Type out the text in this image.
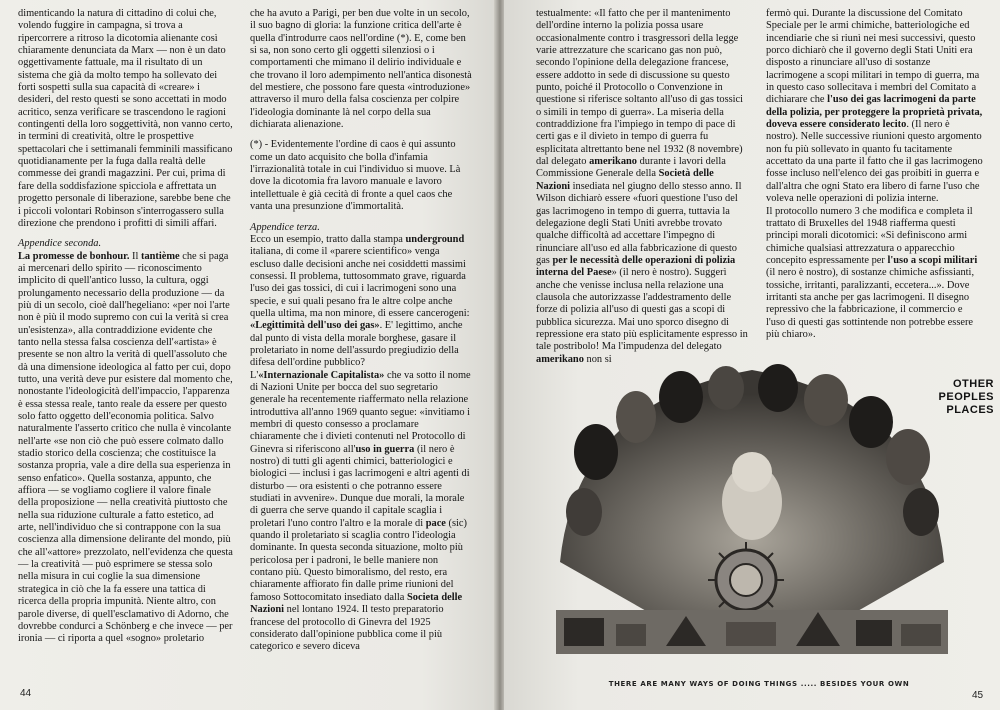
dimenticando la natura di cittadino di colui che, volendo fuggire in campagna, si trova a ripercorrere a ritroso la dicotomia alienante così chiaramente denunciata da Marx — non è un dato oggettivamente fattuale, ma il risultato di un sistema che già da molto tempo ha sollevato dei forti sospetti sulla sua capacità di «creare» i desideri, del resto questi se sono accettati in modo acritico, senza verificare se trascendono le ragioni contingenti della loro soggettività, non vanno certo, in termini di creatività, oltre le prospettive spettacolari che i settimanali femminili massificano quotidianamente per la fuga dalla realtà delle commesse dei grandi magazzini. Per cui, prima di fare della soddisfazione spicciola e affrettata un progetto personale di liberazione, sarebbe bene che i piccoli volontari Robinson s'interrogassero sulla direzione che prendono i profitti di simili affari.

Appendice seconda.

La promesse de bonhour. Il tantième che si paga ai mercenari dello spirito — riconoscimento implicito di quell'antico lusso, la cultura, oggi prolungamento necessario della produzione — da più di un secolo, cioè dall'hegeliano: «per noi l'arte non è più il modo supremo con cui la verità si crea un'esistenza», alla contraddizione evidente che tanto nella stessa falsa coscienza dell'«artista» è presente se non altro la verità di quell'assoluto che dà una dimensione ideologica al fatto per cui, dopo tutto, una verità deve pur esistere dal momento che, nonostante l'ideologicità dell'impaccio, l'apparenza è essa stessa reale, tanto reale da essere per questo solo fatto oggetto dell'economia politica. Salvo naturalmente l'asserto critico che nulla è vincolante nell'arte «se non ciò che può essere colmato dallo stadio storico della coscienza; che costituisce la sostanza propria, vale a dire della sua esperienza in senso enfatico». Quella sostanza, appunto, che affiora — se vogliamo cogliere il valore finale della proposizione — nella creatività piuttosto che nella sua riduzione culturale a fatto estetico, ad arte, nell'individuo che si contrappone con la sua coscienza alla dimensione delirante del mondo, più che all'«attore» prezzolato, nell'evidenza che questa — la creatività — può esprimere se stessa solo nella misura in cui coglie la sua dimensione strategica in ciò che la fa essere una tattica di ricerca della propria impunità. Niente altro, con parole diverse, di quell'esclamativo di Adorno, che dovrebbe condurci a Schönberg e che invece — per ironia — ci riporta a quel «sogno» proletario

che ha avuto a Parigi, per ben due volte in un secolo, il suo bagno di gloria: la funzione critica dell'arte è quella d'introdurre caos nell'ordine (*). E, come ben si sa, non sono certo gli oggetti silenziosi o i comportamenti che mimano il delirio individuale e che trovano il loro adempimento nell'antica disonestà del mestiere, che possono fare questa «introduzione» attraverso il muro della falsa coscienza per colpire l'ideologia dominante là nel corpo della sua dichiarata alienazione.

(*) - Evidentemente l'ordine di caos è qui assunto come un dato acquisito che bolla d'infamia l'irrazionalità totale in cui l'individuo si muove. Là dove la dicotomia fra lavoro manuale e lavoro intellettuale è già cecità di fronte a quel caos che vanta una presunzione d'immortalità.

Appendice terza.

Ecco un esempio, tratto dalla stampa underground italiana, di come il «parere scientifico» venga escluso dalle decisioni anche nei cosiddetti massimi consessi. Il problema, tuttosommato grave, riguarda l'uso dei gas tossici, di cui i lacrimogeni sono una specie, e sui quali pesano fra le altre colpe anche quella ultima, ma non minore, di essere cancerogeni: «Legittimità dell'uso dei gas». E' legittimo, anche dal punto di vista della morale borghese, gasare il proletariato in nome dell'assurdo pregiudizio della difesa dell'ordine pubblico?

L'«Internazionale Capitalista» che va sotto il nome di Nazioni Unite per bocca del suo segretario generale ha recentemente riaffermato nella relazione introduttiva all'anno 1969 quanto segue: «invitiamo i membri di questo consesso a proclamare chiaramente che i divieti contenuti nel Protocollo di Ginevra si riferiscono all'uso in guerra (il nero è nostro) di tutti gli agenti chimici, batteriologici e biologici — inclusi i gas lacrimogeni e altri agenti di disturbo — ora esistenti o che potranno essere studiati in avvenire». Dunque due morali, la morale di guerra che serve quando il capitale scaglia i proletari l'uno contro l'altro e la morale di pace (sic) quando il proletariato si scaglia contro l'ideologia dominante. In questa seconda situazione, molto più pericolosa per i padroni, le belle maniere non contano più. Questo bimoralismo, del resto, era chiaramente affiorato fin dalle prime riunioni del famoso Sottocomitato insediato dalla Societa delle Nazioni nel lontano 1924. Il testo preparatorio francese del protocollo di Ginevra del 1925 considerato dall'opinione pubblica come il più categorico e severo diceva

44

testualmente: «Il fatto che per il mantenimento dell'ordine interno la polizia possa usare occasionalmente contro i trasgressori della legge varie attrezzature che scaricano gas non può, secondo l'opinione della delegazione francese, essere addotto in sede di discussione su questo punto, poiché il Protocollo o Convenzione in questione si riferisce soltanto all'uso di gas tossici o simili in tempo di guerra». La miseria della contraddizione fra l'impiego in tempo di pace di certi gas e il divieto in tempo di guerra fu esplicitata altrettanto bene nel 1932 (8 novembre) dal delegato amerikano durante i lavori della Commissione Generale della Società delle Nazioni insediata nel giugno dello stesso anno. Il Wilson dichiarò essere «fuori questione l'uso del gas lacrimogeno in tempo di guerra, tuttavia la delegazione degli Stati Uniti avrebbe trovato qualche difficoltà ad accettare l'impegno di rinunciare all'uso ed alla fabbricazione di questo gas per le necessità delle operazioni di polizia interna del Paese» (il nero è nostro). Suggerì anche che venisse inclusa nella relazione una clausola che autorizzasse l'addestramento delle forze di polizia all'uso di questi gas a scopi di pubblica sicurezza. Mai uno sporco disegno di repressione era stato più esplicitamente espresso in tale postribolo! Ma l'impudenza del delegato amerikano non si

fermò qui. Durante la discussione del Comitato Speciale per le armi chimiche, batteriologiche ed incendiarie che si riunì nei mesi successivi, questo porco dichiarò che il governo degli Stati Uniti era disposto a rinunciare all'uso di sostanze lacrimogene a scopi militari in tempo di guerra, ma in questo caso sollecitava i membri del Comitato a dichiarare che l'uso dei gas lacrimogeni da parte della polizia, per proteggere la proprietà privata, doveva essere considerato lecito. (Il nero è nostro). Nelle successive riunioni questo argomento non fu più sollevato in quanto fu tacitamente accettato da una parte il fatto che il gas lacrimogeno fosse incluso nell'elenco dei gas proibiti in guerra e dall'altra che ogni Stato era libero di farne l'uso che voleva nelle operazioni di polizia interne.

Il protocollo numero 3 che modifica e completa il trattato di Bruxelles del 1948 riafferma questi principi morali dicotomici: «Si definiscono armi chimiche qualsiasi attrezzatura o apparecchio concepito espressamente per l'uso a scopi militari (il nero è nostro), di sostanze chimiche asfissianti, tossiche, irritanti, paralizzanti, eccetera...». Dove irritanti sta anche per gas lacrimogeni. Il disegno repressivo che la fabbricazione, il commercio e l'uso di questi gas sottintende non potrebbe essere più chiaro».

OTHER
PEOPLES
PLACES
THERE ARE MANY WAYS OF DOING THINGS ..... BESIDES YOUR OWN
45
